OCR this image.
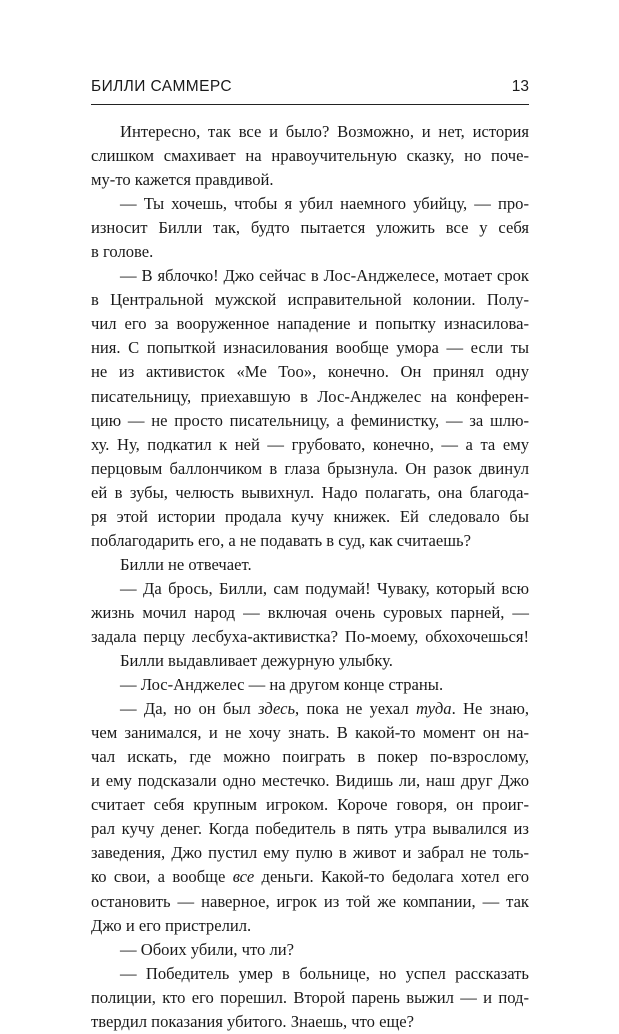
БИЛЛИ САММЕРС	13
Интересно, так все и было? Возможно, и нет, история
слишком смахивает на нравоучительную сказку, но поче-
му-то кажется правдивой.
— Ты хочешь, чтобы я убил наемного убийцу, — про-
износит Билли так, будто пытается уложить все у себя
в голове.
— В яблочко! Джо сейчас в Лос-Анджелесе, мотает срок
в Центральной мужской исправительной колонии. Полу-
чил его за вооруженное нападение и попытку изнасилова-
ния. С попыткой изнасилования вообще умора — если ты
не из активисток «Me Too», конечно. Он принял одну
писательницу, приехавшую в Лос-Анджелес на конферен-
цию — не просто писательницу, а феминистку, — за шлю-
ху. Ну, подкатил к ней — грубовато, конечно, — а та ему
перцовым баллончиком в глаза брызнула. Он разок двинул
ей в зубы, челюсть вывихнул. Надо полагать, она благода-
ря этой истории продала кучу книжек. Ей следовало бы
поблагодарить его, а не подавать в суд, как считаешь?
Билли не отвечает.
— Да брось, Билли, сам подумай! Чуваку, который всю
жизнь мочил народ — включая очень суровых парней, —
задала перцу лесбуха-активистка? По-моему, обхохочешься!
Билли выдавливает дежурную улыбку.
— Лос-Анджелес — на другом конце страны.
— Да, но он был здесь, пока не уехал туда. Не знаю,
чем занимался, и не хочу знать. В какой-то момент он на-
чал искать, где можно поиграть в покер по-взрослому,
и ему подсказали одно местечко. Видишь ли, наш друг Джо
считает себя крупным игроком. Короче говоря, он проиг-
рал кучу денег. Когда победитель в пять утра вывалился из
заведения, Джо пустил ему пулю в живот и забрал не толь-
ко свои, а вообще все деньги. Какой-то бедолага хотел его
остановить — наверное, игрок из той же компании, — так
Джо и его пристрелил.
— Обоих убили, что ли?
— Победитель умер в больнице, но успел рассказать
полиции, кто его порешил. Второй парень выжил — и под-
твердил показания убитого. Знаешь, что еще?
